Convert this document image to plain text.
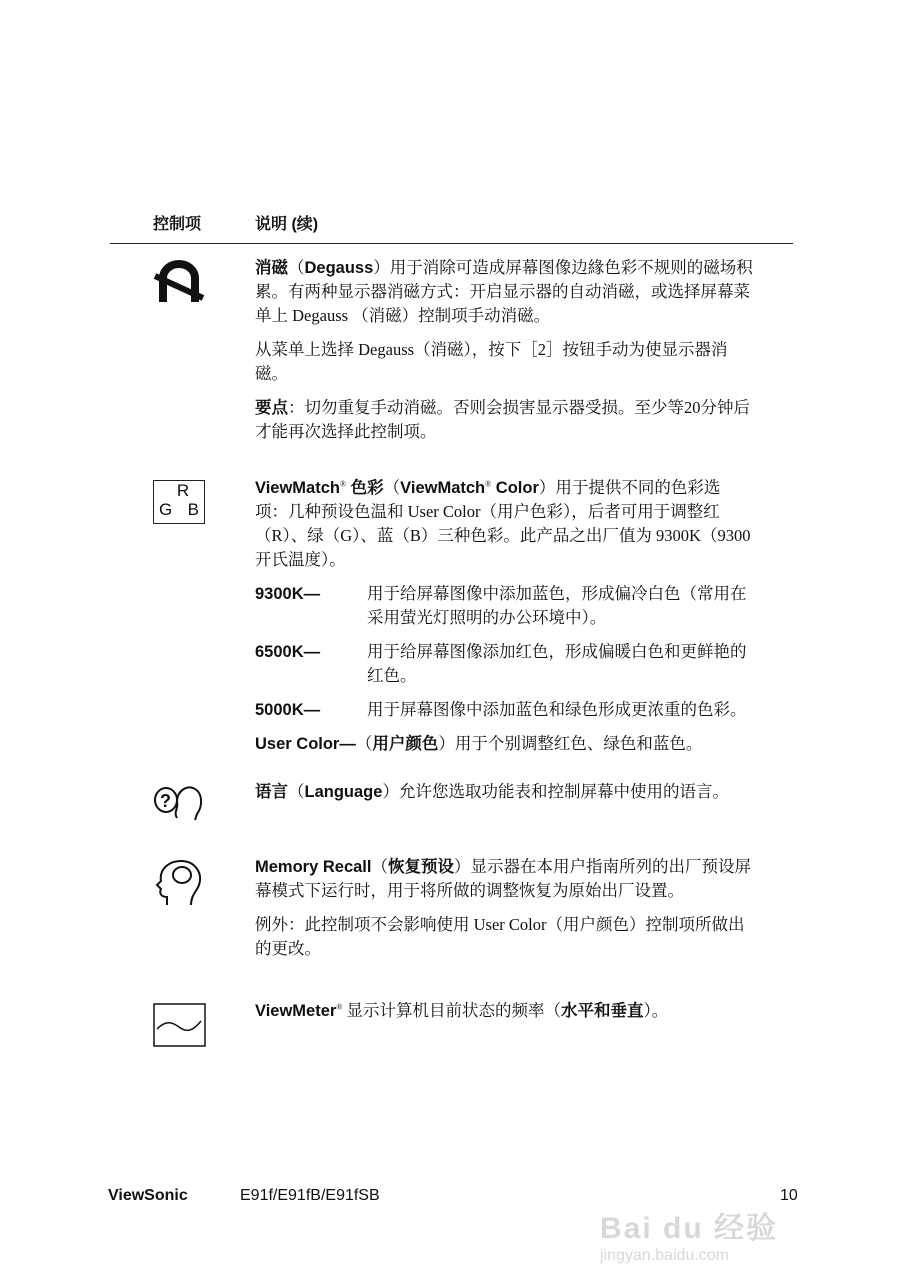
控制项	说明 (续)

消磁（Degauss）用于消除可造成屏幕图像边緣色彩不规则的磁场积累。有两种显示器消磁方式：开启显示器的自动消磁，或选择屏幕菜单上 Degauss （消磁）控制项手动消磁。

从菜单上选择 Degauss（消磁），按下［2］按钮手动为使显示器消磁。

要点：切勿重复手动消磁。否则会损害显示器受损。至少等20分钟后才能再次选择此控制项。

R
G B

ViewMatch® 色彩（ViewMatch® Color）用于提供不同的色彩选项：几种预设色温和 User Color（用户色彩），后者可用于调整红（R）、绿（G）、蓝（B）三种色彩。此产品之出厂值为 9300K（9300 开氏温度）。

9300K—	用于给屏幕图像中添加蓝色，形成偏冷白色（常用在采用萤光灯照明的办公环境中）。
6500K—	用于给屏幕图像添加红色，形成偏暖白色和更鲜艳的红色。
5000K—	用于屏幕图像中添加蓝色和绿色形成更浓重的色彩。

User Color—（用户颜色）用于个别调整红色、绿色和蓝色。

?	语言（Language）允许您选取功能表和控制屏幕中使用的语言。

Memory Recall（恢复预设）显示器在本用户指南所列的出厂预设屏幕模式下运行时，用于将所做的调整恢复为原始出厂设置。

例外：此控制项不会影响使用 User Color（用户颜色）控制项所做出的更改。

ViewMeter® 显示计算机目前状态的频率（水平和垂直）。

ViewSonic	E91f/E91fB/E91fSB	10
Bai du 经验
jingyan.baidu.com
